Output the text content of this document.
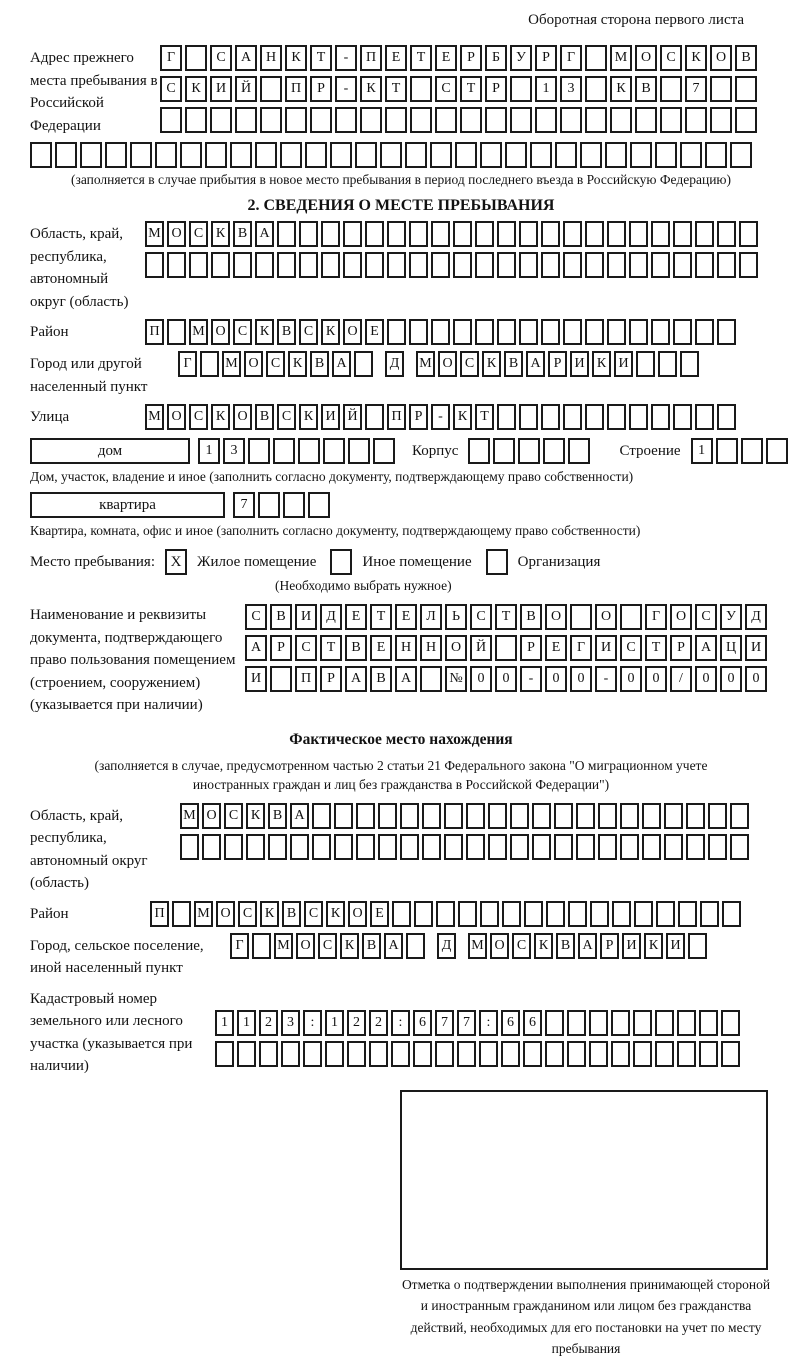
Оборотная сторона первого листа
Адрес прежнего места пребывания в Российской Федерации
Г	С	А	Н	К	Т	-	П	Е	Т	Е	Р	Б	У	Р	Г	М О	С	К	О	В
С	К	И	Й	П	Р	-	К	Т	С	Т	Р	1	3	К	В	7
(заполняется в случае прибытия в новое место пребывания в период последнего въезда в Российскую Федерацию)
2. СВЕДЕНИЯ О МЕСТЕ ПРЕБЫВАНИЯ
Область, край, республика, автономный округ (область)
М О С К В А
Район	П	М О С К В С К О Е
Город или другой населенный пункт
Г	М О С К В А	Д	М О С К В А Р И К И
Улица	М О С К О В С К И Й	П Р	-	К Т
дом	1	3	Корпус	Строение	1
Дом, участок, владение и иное (заполнить согласно документу, подтверждающему право собственности)
квартира	7
Квартира, комната, офис и иное (заполнить согласно документу, подтверждающему право собственности)
Место пребывания:	X	Жилое помещение	Иное помещение	Организация
(Необходимо выбрать нужное)
Наименование и реквизиты документа, подтверждающего право пользования помещением (строением, сооружением) (указывается при наличии)
С	В	И	Д	Е	Т	Е	Л	Ь	С	Т	В	О	О	Г	О	С	У	Д
А	Р	С	Т	В	Е	Н	Н	О	Й	Р	Е	Г	И	С	Т	Р	А	Ц	И
И	П	Р	А	В	А	№	0	0	-	0	0	-	0	0	/	0	0	0
Фактическое место нахождения
(заполняется в случае, предусмотренном частью 2 статьи 21 Федерального закона "О миграционном учете иностранных граждан и лиц без гражданства в Российской Федерации")
Область, край, республика, автономный округ (область)
М О С К В А
Район	П	М О С К В С К О Е
Город, сельское поселение, иной населенный пункт
Г	М О С К В А	Д	М О С К В А Р И К И
Кадастровый номер земельного или лесного участка (указывается при наличии)
1	1	2	3	:	1	2	2	:	6	7	7	:	6	6
Отметка о подтверждении выполнения принимающей стороной и иностранным гражданином или лицом без гражданства действий, необходимых для его постановки на учет по месту пребывания
